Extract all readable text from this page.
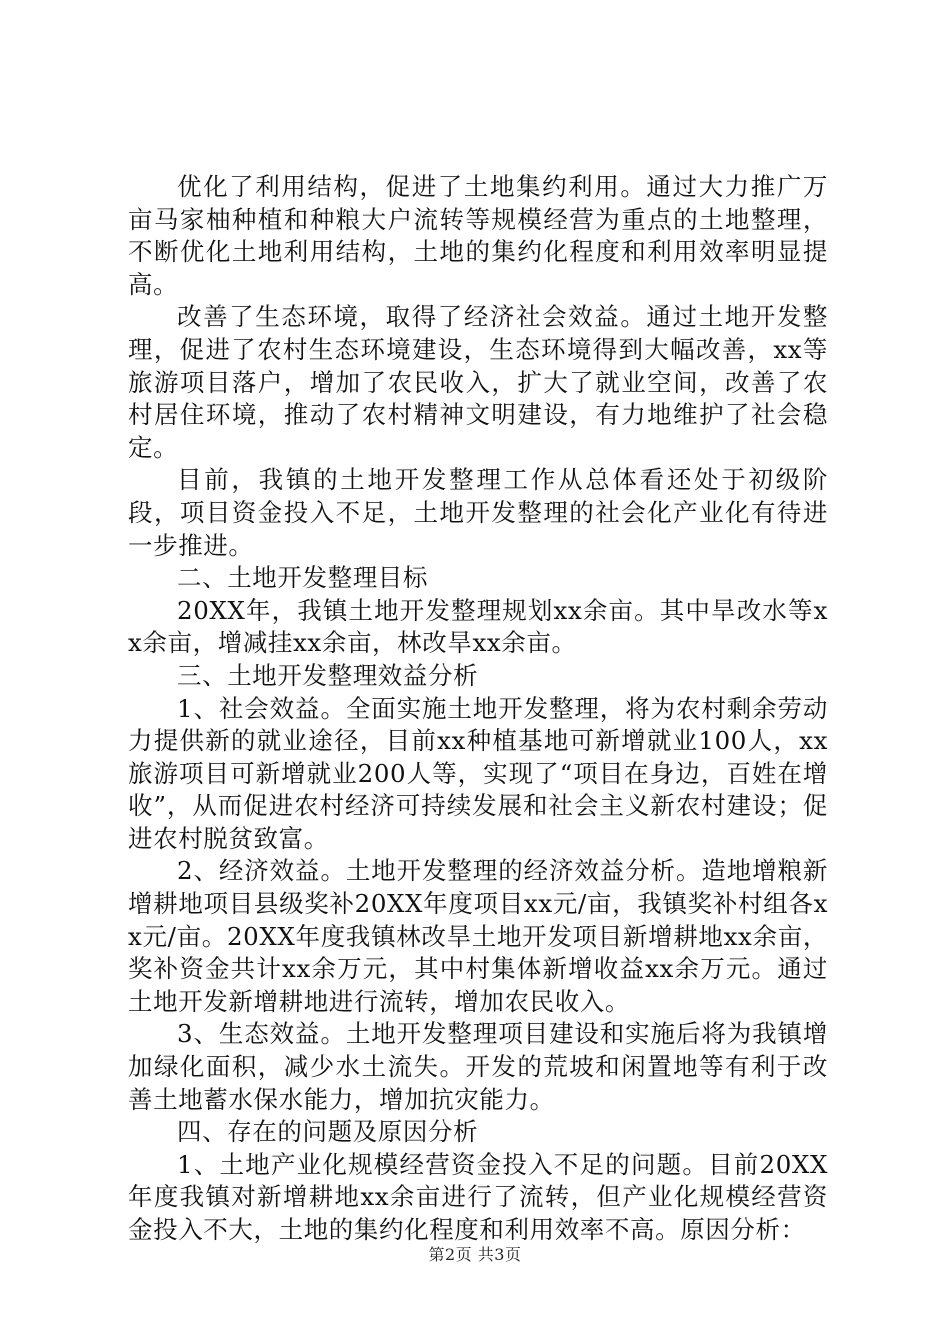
优化了利用结构，促进了土地集约利用。通过大力推广万亩马家柚种植和种粮大户流转等规模经营为重点的土地整理，不断优化土地利用结构，土地的集约化程度和利用效率明显提高。

改善了生态环境，取得了经济社会效益。通过土地开发整理，促进了农村生态环境建设，生态环境得到大幅改善，xx等旅游项目落户，增加了农民收入，扩大了就业空间，改善了农村居住环境，推动了农村精神文明建设，有力地维护了社会稳定。

目前，我镇的土地开发整理工作从总体看还处于初级阶段，项目资金投入不足，土地开发整理的社会化产业化有待进一步推进。

二、土地开发整理目标

20XX年，我镇土地开发整理规划xx余亩。其中旱改水等xx余亩，增减挂xx余亩，林改旱xx余亩。

三、土地开发整理效益分析

1、社会效益。全面实施土地开发整理，将为农村剩余劳动力提供新的就业途径，目前xx种植基地可新增就业100人，xx旅游项目可新增就业200人等，实现了“项目在身边，百姓在增收”，从而促进农村经济可持续发展和社会主义新农村建设；促进农村脱贫致富。

2、经济效益。土地开发整理的经济效益分析。造地增粮新增耕地项目县级奖补20XX年度项目xx元/亩，我镇奖补村组各xx元/亩。20XX年度我镇林改旱土地开发项目新增耕地xx余亩，奖补资金共计xx余万元，其中村集体新增收益xx余万元。通过土地开发新增耕地进行流转，增加农民收入。

3、生态效益。土地开发整理项目建设和实施后将为我镇增加绿化面积，减少水土流失。开发的荒坡和闲置地等有利于改善土地蓄水保水能力，增加抗灾能力。

四、存在的问题及原因分析

1、土地产业化规模经营资金投入不足的问题。目前20XX年度我镇对新增耕地xx余亩进行了流转，但产业化规模经营资金投入不大，土地的集约化程度和利用效率不高。原因分析：

第2页 共3页
